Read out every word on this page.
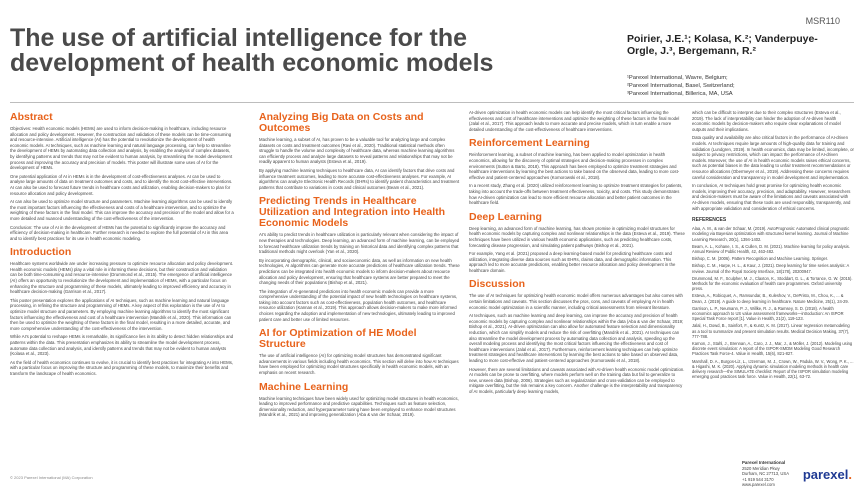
MSR110
The use of artificial intelligence for the development of health economic models
Poirier, J.E.¹; Kolasa, K.²; Vanderpuye-Orgle, J.³, Bergemann, R.²
¹Parexel International, Wavre, Belgium;
²Parexel International, Basel, Switzerland;
³Parexel International, Billerica, MA, USA
Abstract

Objectives: Health economic models (HEMs) are used to inform decision-making in healthcare, including resource allocation and policy development. However, the construction and validation of these models can be time-consuming and resource-intensive. Artificial intelligence (AI) has the potential to revolutionize the development of health economic models. AI techniques, such as machine learning and natural language processing, can help to streamline the development of HEMs by automating data collection and analysis, by enabling the analysis of complex datasets, by identifying patterns and trends that may not be evident to human analysis, by streamlining the model development process and improving the accuracy and precision of models. This poster will illustrate some uses of AI for the development of HEMs.

One potential application of AI in HEMs is in the development of cost-effectiveness analyses. AI can be used to analyse large amounts of data on treatment outcomes and costs, and to identify the most cost-effective interventions. AI can also be used to forecast future trends in healthcare costs and utilization, enabling decision-makers to plan for resource allocation and policy development.

AI can also be used to optimize model structure and parameters. Machine learning algorithms can be used to identify the most important factors influencing the effectiveness and costs of a healthcare intervention, and to optimize the weighting of these factors in the final model. This can improve the accuracy and precision of the model and allow for a more detailed and nuanced understanding of the cost-effectiveness of the intervention.

Conclusion: The use of AI in the development of HEMs has the potential to significantly improve the accuracy and efficiency of decision-making in healthcare. Further research is needed to explore the full potential of AI in this area and to identify best practices for its use in health economic modeling.

Introduction

Healthcare systems worldwide are under increasing pressure to optimize resource allocation and policy development. Health economic models (HEMs) play a vital role in informing these decisions, but their construction and validation can be both time-consuming and resource-intensive (Drummond et al., 2015). The emergence of artificial intelligence (AI) offers an opportunity to revolutionize the development and implementation of HEMs, with a particular focus on enhancing the structure and programming of these models, ultimately leading to improved efficiency and accuracy in healthcare decision-making (Garrison et al., 2017).

This poster presentation explores the applications of AI techniques, such as machine learning and natural language processing, in refining the structure and programming of HEMs. A key aspect of this exploration is the use of AI to optimize model structure and parameters. By employing machine learning algorithms to identify the most significant factors influencing the effectiveness and cost of a healthcare intervention (Mandrik et al., 2020). This information can then be used to optimize the weighting of these factors in the final model, resulting in a more detailed, accurate, and more comprehensive understanding of the cost-effectiveness of the intervention.

While AI's potential to reshape HEMs is remarkable, its significance lies in its ability to detect hidden relationships and patterns within the data. This presentation emphasizes its ability to streamline the model development process, automate data collection and analysis, and identify patterns and trends that may not be evident to human analysts (Kolasa et al., 2023).

As the field of health economics continues to evolve, it is crucial to identify best practices for integrating AI into HEMs, with a particular focus on improving the structure and programming of these models, to maximize their benefits and transform the landscape of health economics.

Analyzing Big Data on Costs and Outcomes

Machine learning, a subset of AI, has proven to be a valuable tool for analyzing large and complex datasets on costs and treatment outcomes (Ravi et al., 2020). Traditional statistical methods often struggle to handle the volume and complexity of healthcare data, whereas machine learning algorithms can efficiently process and analyze large datasets to reveal patterns and relationships that may not be readily apparent to human analysts (Esteva et al., 2019).

By applying machine learning techniques to healthcare data, AI can identify factors that drive costs and influence treatment outcomes, leading to more accurate cost-effectiveness analyses. For example, AI algorithms can analyze Electronic Health Records (EHRs) to identify patient characteristics and treatment patterns that contribute to variations in costs and clinical outcomes (Beam et al., 2021).

Predicting Trends in Healthcare Utilization and Integration into Health Economic Models

AI's ability to predict trends in healthcare utilization is particularly relevant when considering the impact of new therapies and technologies. Deep learning, an advanced form of machine learning, can be employed to forecast healthcare utilization trends by training on historical data and identifying complex patterns that traditional methods might overlook (Yan et al., 2020).

By incorporating demographic, clinical, and socioeconomic data, as well as information on new health technologies, AI algorithms can generate more accurate predictions of healthcare utilization trends. These predictions can be integrated into health economic models to inform decision-makers about resource allocation and policy development, ensuring that healthcare systems are better prepared to meet the changing needs of their populations (Bishop et al., 2021).

The integration of AI-generated predictions into health economic models can provide a more comprehensive understanding of the potential impact of new health technologies on healthcare systems, taking into account factors such as cost-effectiveness, population health outcomes, and healthcare resource utilization (Kannan et al., 2019). This approach allows decision-makers to make more informed choices regarding the adoption and implementation of new technologies, ultimately leading to improved patient care and better use of limited resources.

AI for Optimization of HE Model Structure

The use of artificial intelligence (AI) for optimizing model structures has demonstrated significant advancements in various fields including health economics. This section will delve into how AI techniques have been employed for optimizing model structures specifically in health economic models, with an emphasis on recent research.

Machine Learning

Machine learning techniques have been widely used for optimizing model structures in health economics, leading to improved performance and predictive capabilities. Techniques such as feature selection, dimensionality reduction, and hyperparameter tuning have been employed to enhance model structures (Mandrik et al., 2021) and improving generalization (Aba & van der Schaar, 2019).

AI-driven optimization in health economic models can help identify the most critical factors influencing the effectiveness and cost of healthcare interventions and optimize the weighting of these factors in the final model (Jalal et al., 2017). This approach leads to more accurate and precise models, which in turn enable a more detailed understanding of the cost-effectiveness of healthcare interventions.

Reinforcement Learning

Reinforcement learning, a subset of machine learning, has been applied to model optimization in health economics, allowing for the discovery of optimal strategies and decision-making processes in complex environments (Sutton & Barto, 2018). This approach has been employed to optimize treatment strategies and healthcare interventions by learning the best actions to take based on the observed data, leading to more cost-effective and patient-centered approaches (Komorowski et al., 2018).

In a recent study, Zhang et al. (2020) utilized reinforcement learning to optimize treatment strategies for patients, taking into account the trade-offs between treatment effectiveness, toxicity, and costs. This study demonstrates how AI-driven optimization can lead to more efficient resource allocation and better patient outcomes in the healthcare field.

Deep Learning

Deep learning, an advanced form of machine learning, has shown promise in optimizing model structures for health economic models by capturing complex and nonlinear relationships in the data (Esteva et al., 2019). These techniques have been utilized in various health economic applications, such as predicting healthcare costs, forecasting disease progression, and simulating patient pathways (Bishop et al., 2021).

For example, Yang et al. (2021) proposed a deep learning-based model for predicting healthcare costs and utilization, integrating diverse data sources such as EHRs, claims data, and demographic information. This approach led to more accurate predictions, enabling better resource allocation and policy development in the healthcare domain.

Discussion

The use of AI techniques for optimizing health economic model offers numerous advantages but also comes with certain limitations and caveats. This section discusses the pros, cons, and caveats of employing AI in health economic model optimization in a scientific manner, including critical assessments from relevant literature.

AI techniques, such as machine learning and deep learning, can improve the accuracy and precision of health economic models by capturing complex and nonlinear relationships within the data (Aba & van der Schaar, 2019; Bishop et al., 2021). AI-driven optimization can also allow for automated feature selection and dimensionality reduction, which can simplify models and reduce the risk of overfitting (Mandrik et al., 2021). AI techniques can also streamline the model development process by automating data collection and analysis, speeding up the overall modeling process and identifying the most critical factors influencing the effectiveness and cost of healthcare interventions (Jalal et al., 2017). Furthermore, reinforcement learning techniques can help optimize treatment strategies and healthcare interventions by learning the best actions to take based on observed data, leading to more cost-effective and patient-centered approaches (Komorowski et al., 2018).

However, there are several limitations and caveats associated with AI-driven health economic model optimization. AI models can be prone to overfitting, where models perform well on the training data but fail to generalize to new, unseen data (Bishop, 2006). Strategies such as regularization and cross-validation can be employed to mitigate overfitting, but the risk remains a key concern. Another challenge is the interpretability and transparency of AI models, particularly deep learning models,

which can be difficult to interpret due to their complex structures (Esteva et al., 2019). The lack of interpretability can hinder the adoption of AI-driven health economic models by decision-makers who require clear explanations of model outputs and their implications.

Data quality and availability are also critical factors in the performance of AI-driven models. AI techniques require large amounts of high-quality data for training and validation (Lundgren, 2019). In health economics, data may be limited, incomplete, or subject to privacy restrictions, which can impact the performance of AI-driven models. Moreover, the use of AI in health economic models raises ethical concerns, such as potential biases in the data leading to unfair treatment recommendations or resource allocations (Obermeyer et al., 2019). Addressing these concerns requires careful consideration and transparency in model development and implementation.

In conclusion, AI techniques hold great promise for optimizing health economic models, improving their accuracy, precision, and adaptability. However, researchers and decision-makers must be aware of the limitations and caveats associated with AI-driven models, ensuring that these tools are used responsibly, transparently, and with appropriate validation and consideration of ethical concerns.

REFERENCES
Alaa, A. M., & van der Schaar, M. (2019). AutoPrognosis: Automated clinical prognostic modeling via Bayesian optimization with structured kernel learning. Journal of Machine Learning Research, 20(1), 1394-1402.
Beam, A. L., Kohane, I. S., & Cullen, D. M. (2021). Machine learning for policy analysis. Annual Review of Public Health, 42, 463-482.
Bishop, C. M. (2006). Pattern Recognition and Machine Learning. Springer.
Bishop, C. M., Harpe, H. L., & Kaur, J. (2021). Deep learning for time series analysis: A review. Journal of the Royal Society Interface, 18(178), 20200947.
Drummond, M. F., Sculpher, M. J., Claxton, K., Stoddart, G. L., & Torrance, G. W. (2015). Methods for the economic evaluation of health care programmes. Oxford university press.
Esteva, A., Robicquet, A., Ramsundar, B., Kuleshov, V., DePristo, M., Chou, K., ... & Dean, J. (2019). A guide to deep learning in healthcare. Nature Medicine, 25(1), 24-29.
Garrison, L. P., Neumann, P. J., Willke, R. J., & Ramsey, S. D. (2018). A health economics approach to US value assessment frameworks—introduction: An ISPOR Special Task Force report [1]. Value in Health, 21(2), 119-123.
Jalal, H., Dowd, B., Sainfort, F., & Kuntz, K. M. (2017). Linear regression metamodeling as a tool to summarize and present simulation results. Medical Decision Making, 37(7), 777-788.
Karnon, J., Stahl, J., Brennan, A., Caro, J. J., Mar, J., & Möller, J. (2012). Modeling using discrete event simulation: A report of the ISPOR-SMDM Modeling Good Research Practices Task Force-4. Value in Health, 15(6), 821-827.
Marshall, D. A., Burgos-Liz, L., IJzerman, M. J., Crown, W., Padula, W. V., Wong, P. K., ... & Higashi, M. K. (2020). Applying dynamic simulation modeling methods in health care delivery research—the SIMULATE checklist: Report of the ISPOR simulation modeling emerging good practices task force. Value in Health, 22(1), 63-72.
© 2023 Parexel International (MA) Corporation
Parexel International
2520 Meridian Pkwy
Durham, NC 27713, USA
+1 919 544 3170
www.parexel.com
parexel.
